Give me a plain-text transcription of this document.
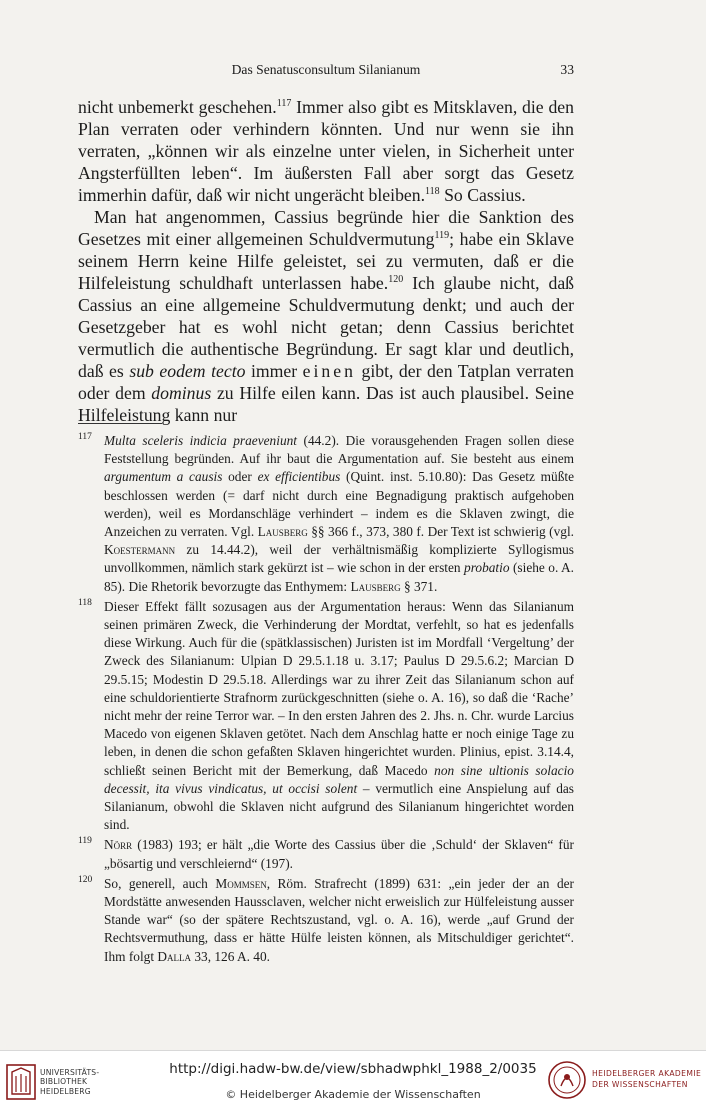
Das Senatusconsultum Silanianum	33

nicht unbemerkt geschehen.$^{117}$ Immer also gibt es Mitsklaven, die den Plan verraten oder verhindern könnten. Und nur wenn sie ihn verraten, „können wir als einzelne unter vielen, in Sicherheit unter Angsterfüllten leben“. Im äußersten Fall aber sorgt das Gesetz immerhin dafür, daß wir nicht ungerächt bleiben.$^{118}$ So Cassius.

Man hat angenommen, Cassius begründe hier die Sanktion des Gesetzes mit einer allgemeinen Schuldvermutung$^{119}$; habe ein Sklave seinem Herrn keine Hilfe geleistet, sei zu vermuten, daß er die Hilfeleistung schuldhaft unterlassen habe.$^{120}$ Ich glaube nicht, daß Cassius an eine allgemeine Schuldvermutung denkt; und auch der Gesetzgeber hat es wohl nicht getan; denn Cassius berichtet vermutlich die authentische Begründung. Er sagt klar und deutlich, daß es sub eodem tecto immer einen gibt, der den Tatplan verraten oder dem dominus zu Hilfe eilen kann. Das ist auch plausibel. Seine Hilfeleistung kann nur

117 Multa sceleris indicia praeveniunt (44.2). Die vorausgehenden Fragen sollen diese Feststellung begründen. Auf ihr baut die Argumentation auf. Sie besteht aus einem argumentum a causis oder ex efficientibus (Quint. inst. 5.10.80): Das Gesetz müßte beschlossen werden (= darf nicht durch eine Begnadigung praktisch aufgehoben werden), weil es Mordanschläge verhindert – indem es die Sklaven zwingt, die Anzeichen zu verraten. Vgl. Lausberg §§ 366 f., 373, 380 f. Der Text ist schwierig (vgl. Koestermann zu 14.44.2), weil der verhältnismäßig komplizierte Syllogismus unvollkommen, nämlich stark gekürzt ist – wie schon in der ersten probatio (siehe o. A. 85). Die Rhetorik bevorzugte das Enthymem: Lausberg § 371.
118 Dieser Effekt fällt sozusagen aus der Argumentation heraus: Wenn das Silanianum seinen primären Zweck, die Verhinderung der Mordtat, verfehlt, so hat es jedenfalls diese Wirkung. Auch für die (spätklassischen) Juristen ist im Mordfall ‘Vergeltung’ der Zweck des Silanianum: Ulpian D 29.5.1.18 u. 3.17; Paulus D 29.5.6.2; Marcian D 29.5.15; Modestin D 29.5.18. Allerdings war zu ihrer Zeit das Silanianum schon auf eine schuldorientierte Strafnorm zurückgeschnitten (siehe o. A. 16), so daß die ‘Rache’ nicht mehr der reine Terror war. – In den ersten Jahren des 2. Jhs. n. Chr. wurde Larcius Macedo von eigenen Sklaven getötet. Nach dem Anschlag hatte er noch einige Tage zu leben, in denen die schon gefaßten Sklaven hingerichtet wurden. Plinius, epist. 3.14.4, schließt seinen Bericht mit der Bemerkung, daß Macedo non sine ultionis solacio decessit, ita vivus vindicatus, ut occisi solent – vermutlich eine Anspielung auf das Silanianum, obwohl die Sklaven nicht aufgrund des Silanianum hingerichtet worden sind.
119 Nörr (1983) 193; er hält „die Worte des Cassius über die ‚Schuld‘ der Sklaven“ für „bösartig und verschleiernd“ (197).
120 So, generell, auch Mommsen, Röm. Strafrecht (1899) 631: „ein jeder der an der Mordstätte anwesenden Haussclaven, welcher nicht erweislich zur Hülfeleistung ausser Stande war“ (so der spätere Rechtszustand, vgl. o. A. 16), werde „auf Grund der Rechtsvermuthung, dass er hätte Hülfe leisten können, als Mitschuldiger gerichtet“. Ihm folgt Dalla 33, 126 A. 40.
UNIVERSITÄTS-
BIBLIOTHEK
HEIDELBERG
http://digi.hadw-bw.de/view/sbhadwphkl_1988_2/0035
© Heidelberger Akademie der Wissenschaften
HEIDELBERGER AKADEMIE
DER WISSENSCHAFTEN
